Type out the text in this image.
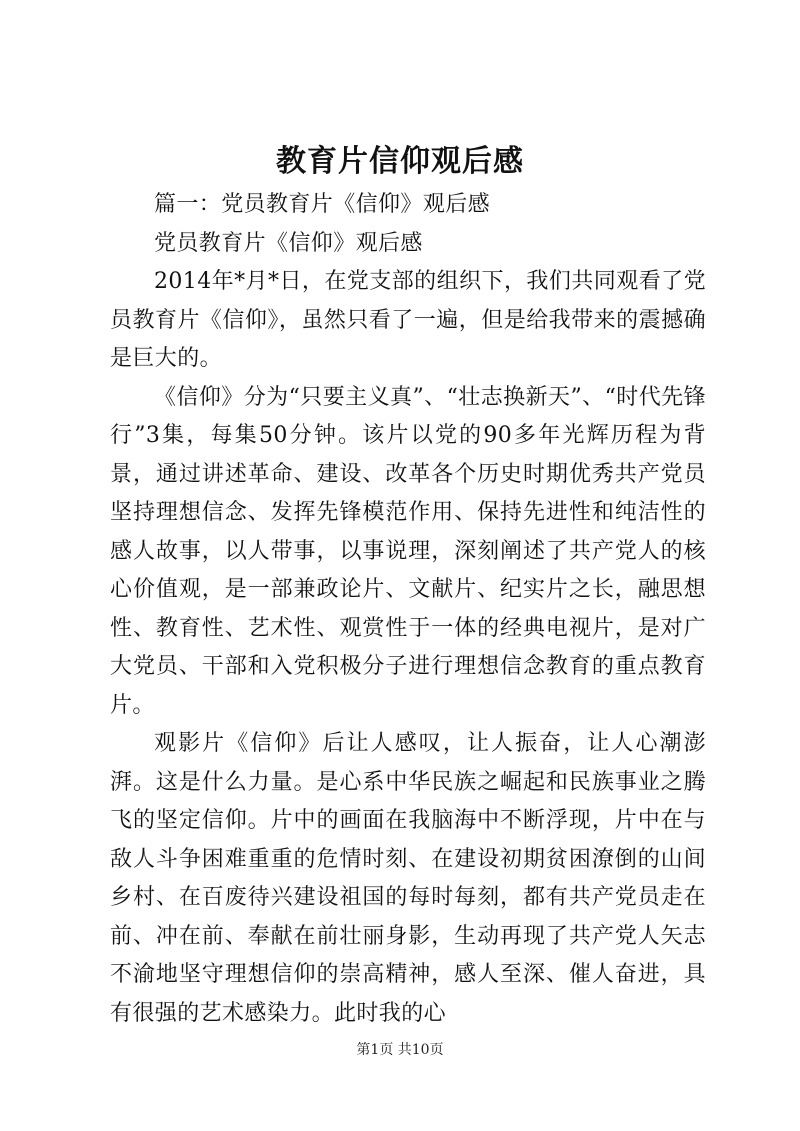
教育片信仰观后感

篇一：党员教育片《信仰》观后感

党员教育片《信仰》观后感

2014年*月*日，在党支部的组织下，我们共同观看了党员教育片《信仰》，虽然只看了一遍，但是给我带来的震撼确是巨大的。

《信仰》分为“只要主义真”、“壮志换新天”、“时代先锋行”3集，每集50分钟。该片以党的90多年光辉历程为背景，通过讲述革命、建设、改革各个历史时期优秀共产党员坚持理想信念、发挥先锋模范作用、保持先进性和纯洁性的感人故事，以人带事，以事说理，深刻阐述了共产党人的核心价值观，是一部兼政论片、文献片、纪实片之长，融思想性、教育性、艺术性、观赏性于一体的经典电视片，是对广大党员、干部和入党积极分子进行理想信念教育的重点教育片。

观影片《信仰》后让人感叹，让人振奋，让人心潮澎湃。这是什么力量。是心系中华民族之崛起和民族事业之腾飞的坚定信仰。片中的画面在我脑海中不断浮现，片中在与敌人斗争困难重重的危情时刻、在建设初期贫困潦倒的山间乡村、在百废待兴建设祖国的每时每刻，都有共产党员走在前、冲在前、奉献在前壮丽身影，生动再现了共产党人矢志不渝地坚守理想信仰的崇高精神，感人至深、催人奋进，具有很强的艺术感染力。此时我的心

第1页 共10页
